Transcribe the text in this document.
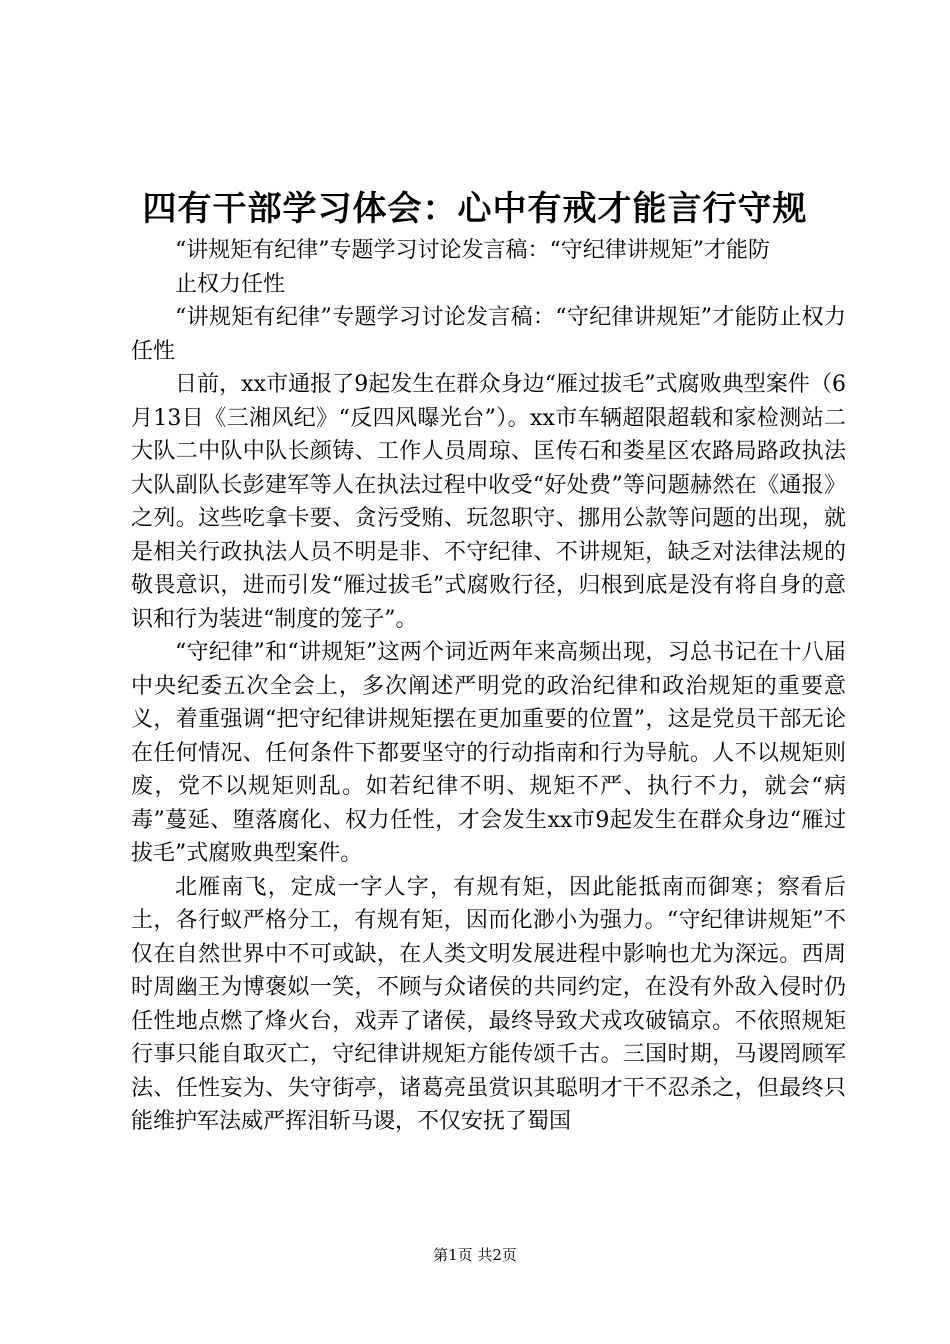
四有干部学习体会：心中有戒才能言行守规

“讲规矩有纪律”专题学习讨论发言稿：“守纪律讲规矩”才能防

止权力任性

“讲规矩有纪律”专题学习讨论发言稿：“守纪律讲规矩”才能防止权力任性

日前，xx市通报了9起发生在群众身边“雁过拔毛”式腐败典型案件（6月13日《三湘风纪》“反四风曝光台”）。xx市车辆超限超载和家检测站二大队二中队中队长颜铸、工作人员周琼、匡传石和娄星区农路局路政执法大队副队长彭建军等人在执法过程中收受“好处费”等问题赫然在《通报》之列。这些吃拿卡要、贪污受贿、玩忽职守、挪用公款等问题的出现，就是相关行政执法人员不明是非、不守纪律、不讲规矩，缺乏对法律法规的敬畏意识，进而引发“雁过拔毛”式腐败行径，归根到底是没有将自身的意识和行为装进“制度的笼子”。

“守纪律”和“讲规矩”这两个词近两年来高频出现，习总书记在十八届中央纪委五次全会上，多次阐述严明党的政治纪律和政治规矩的重要意义，着重强调“把守纪律讲规矩摆在更加重要的位置”，这是党员干部无论在任何情况、任何条件下都要坚守的行动指南和行为导航。人不以规矩则废，党不以规矩则乱。如若纪律不明、规矩不严、执行不力，就会“病毒”蔓延、堕落腐化、权力任性，才会发生xx市9起发生在群众身边“雁过拔毛”式腐败典型案件。

北雁南飞，定成一字人字，有规有矩，因此能抵南而御寒；察看后土，各行蚁严格分工，有规有矩，因而化渺小为强力。“守纪律讲规矩”不仅在自然世界中不可或缺，在人类文明发展进程中影响也尤为深远。西周时周幽王为博褒姒一笑，不顾与众诸侯的共同约定，在没有外敌入侵时仍任性地点燃了烽火台，戏弄了诸侯，最终导致犬戎攻破镐京。不依照规矩行事只能自取灭亡，守纪律讲规矩方能传颂千古。三国时期，马谡罔顾军法、任性妄为、失守街亭，诸葛亮虽赏识其聪明才干不忍杀之，但最终只能维护军法威严挥泪斩马谡，不仅安抚了蜀国

第1页 共2页
